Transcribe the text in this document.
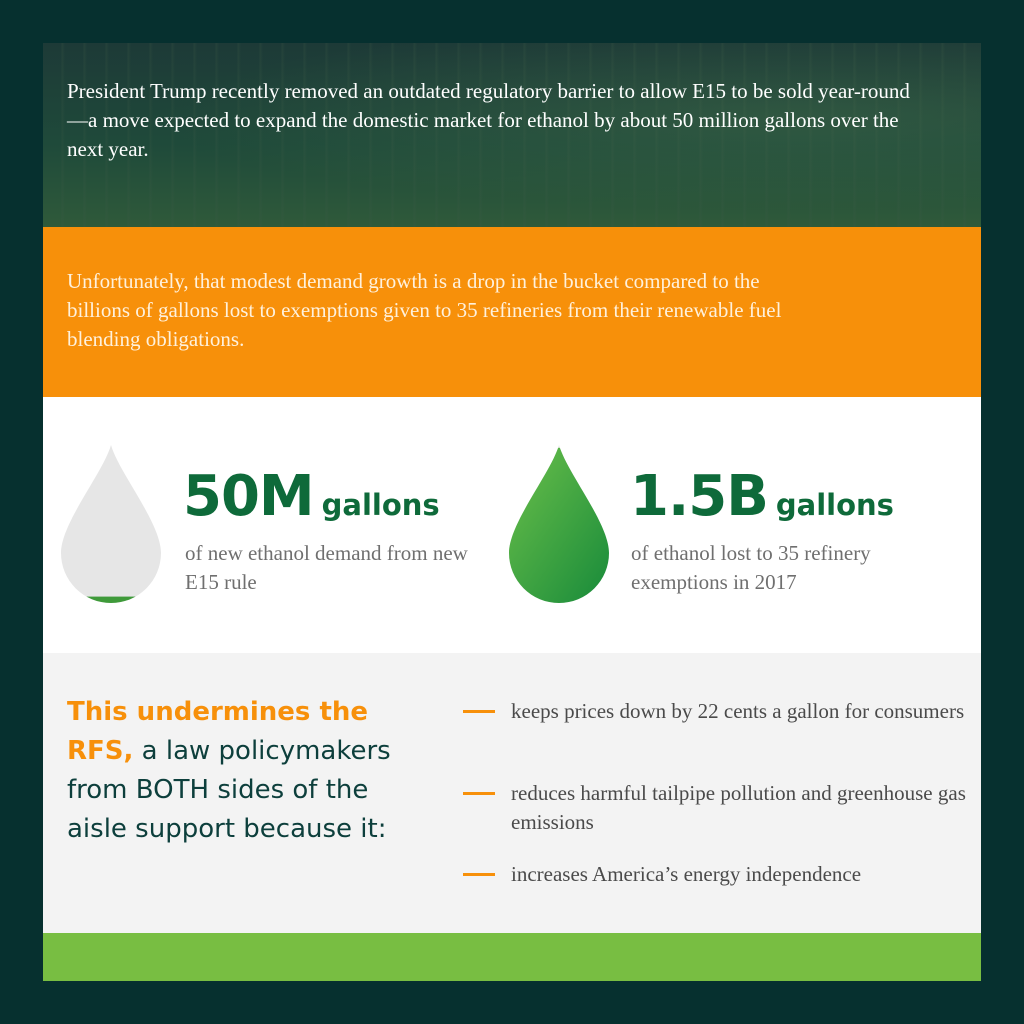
President Trump recently removed an outdated regulatory barrier to allow E15 to be sold year-round—a move expected to expand the domestic market for ethanol by about 50 million gallons over the next year.
Unfortunately, that modest demand growth is a drop in the bucket compared to the billions of gallons lost to exemptions given to 35 refineries from their renewable fuel blending obligations.
50M gallons
of new ethanol demand from new E15 rule
1.5B gallons
of ethanol lost to 35 refinery exemptions in 2017
This undermines the RFS, a law policymakers from BOTH sides of the aisle support because it:
keeps prices down by 22 cents a gallon for consumers
reduces harmful tailpipe pollution and greenhouse gas emissions
increases America’s energy independence
